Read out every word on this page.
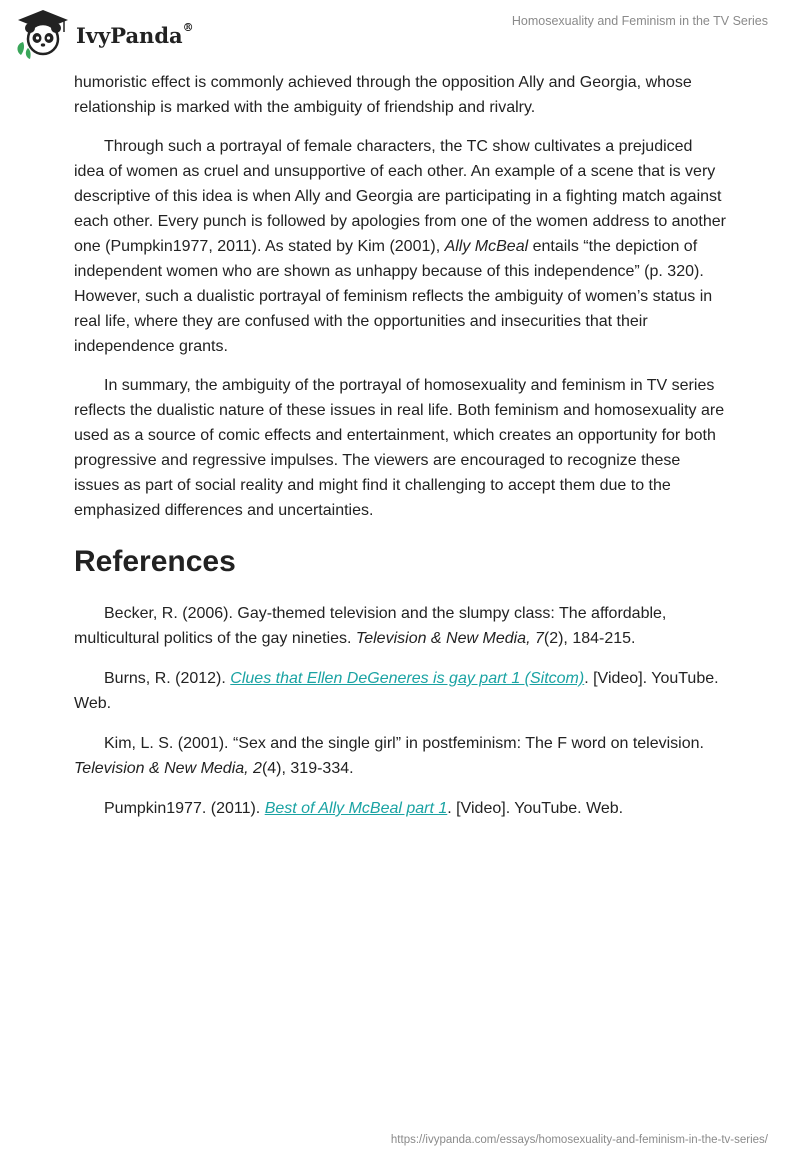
IvyPanda®	Homosexuality and Feminism in the TV Series

humoristic effect is commonly achieved through the opposition Ally and Georgia, whose relationship is marked with the ambiguity of friendship and rivalry.

Through such a portrayal of female characters, the TC show cultivates a prejudiced idea of women as cruel and unsupportive of each other. An example of a scene that is very descriptive of this idea is when Ally and Georgia are participating in a fighting match against each other. Every punch is followed by apologies from one of the women address to another one (Pumpkin1977, 2011). As stated by Kim (2001), Ally McBeal entails “the depiction of independent women who are shown as unhappy because of this independence” (p. 320). However, such a dualistic portrayal of feminism reflects the ambiguity of women’s status in real life, where they are confused with the opportunities and insecurities that their independence grants.

In summary, the ambiguity of the portrayal of homosexuality and feminism in TV series reflects the dualistic nature of these issues in real life. Both feminism and homosexuality are used as a source of comic effects and entertainment, which creates an opportunity for both progressive and regressive impulses. The viewers are encouraged to recognize these issues as part of social reality and might find it challenging to accept them due to the emphasized differences and uncertainties.

References

Becker, R. (2006). Gay-themed television and the slumpy class: The affordable, multicultural politics of the gay nineties. Television & New Media, 7(2), 184-215.

Burns, R. (2012). Clues that Ellen DeGeneres is gay part 1 (Sitcom). [Video]. YouTube. Web.

Kim, L. S. (2001). “Sex and the single girl” in postfeminism: The F word on television. Television & New Media, 2(4), 319-334.

Pumpkin1977. (2011). Best of Ally McBeal part 1. [Video]. YouTube. Web.

https://ivypanda.com/essays/homosexuality-and-feminism-in-the-tv-series/
